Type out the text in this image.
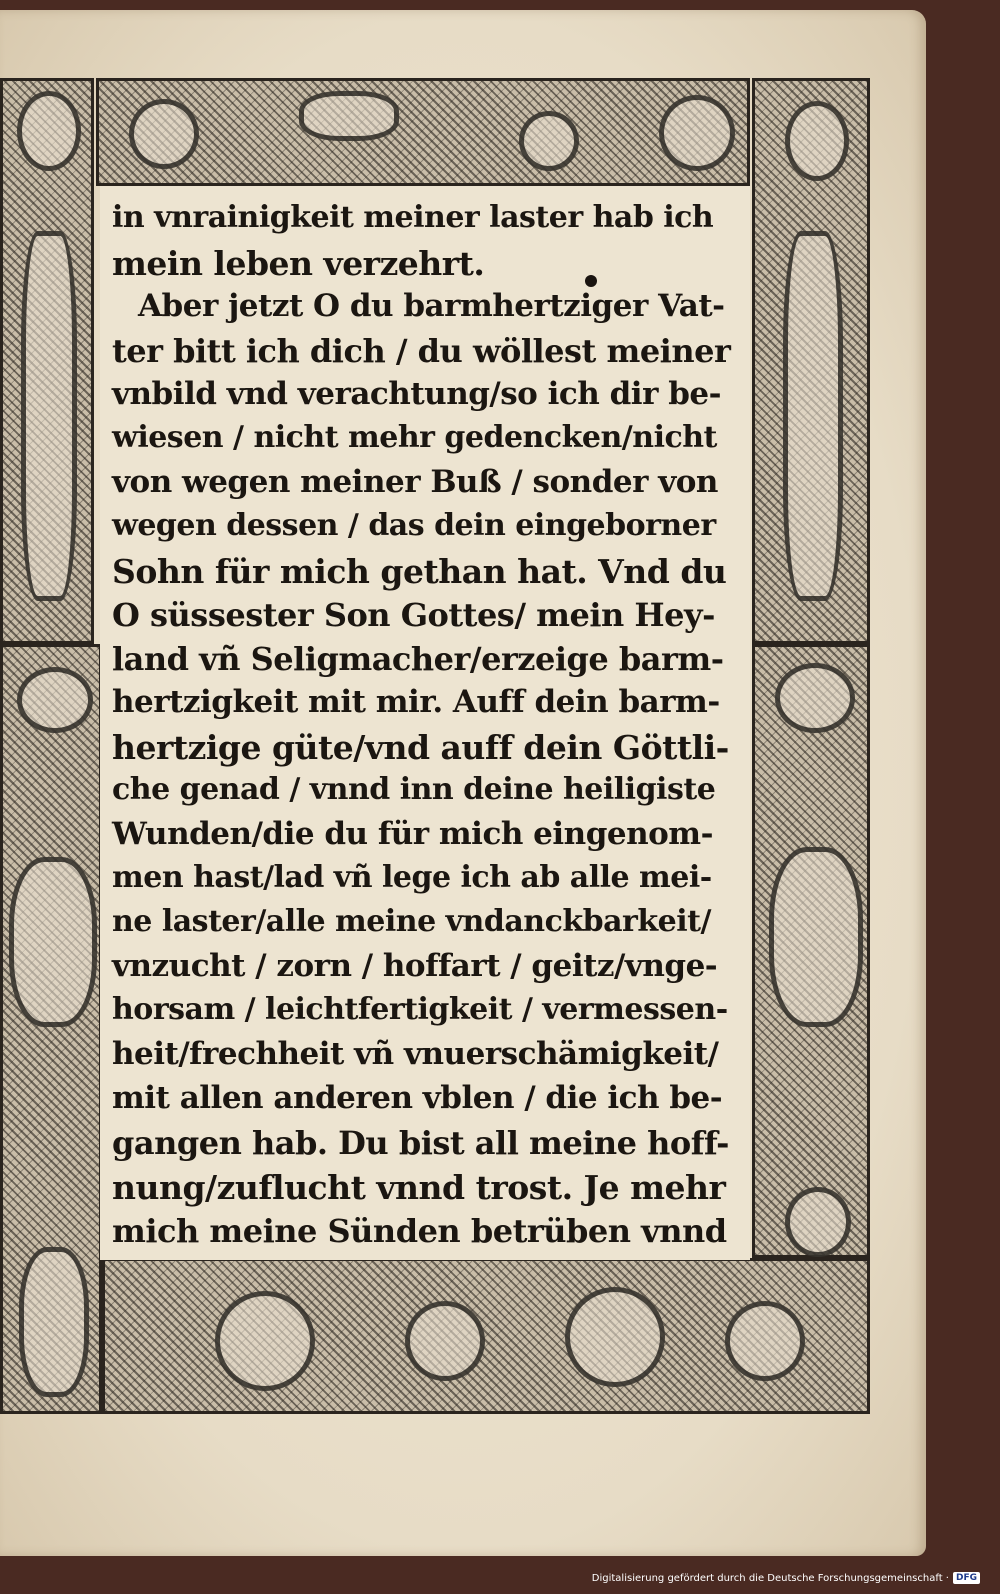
in vnrainigkeit meiner laster hab ich
mein leben verzehrt.
Aber jetzt O du barmhertziger Vat-
ter bitt ich dich / du wöllest meiner
vnbild vnd verachtung/so ich dir be-
wiesen / nicht mehr gedencken/nicht
von wegen meiner Buß / sonder von
wegen dessen / das dein eingeborner
Sohn für mich gethan hat. Vnd du
O süssester Son Gottes/ mein Hey-
land vñ Seligmacher/erzeige barm-
hertzigkeit mit mir. Auff dein barm-
hertzige güte/vnd auff dein Göttli-
che genad / vnnd inn deine heiligiste
Wunden/die du für mich eingenom-
men hast/lad vñ lege ich ab alle mei-
ne laster/alle meine vndanckbarkeit/
vnzucht / zorn / hoffart / geitz/vnge-
horsam / leichtfertigkeit / vermessen-
heit/frechheit vñ vnuerschämigkeit/
mit allen anderen vblen / die ich be-
gangen hab. Du bist all meine hoff-
nung/zuflucht vnnd trost. Je mehr
mich meine Sünden betrüben vnnd
Digitalisierung gefördert durch die Deutsche Forschungsgemeinschaft · DFG
